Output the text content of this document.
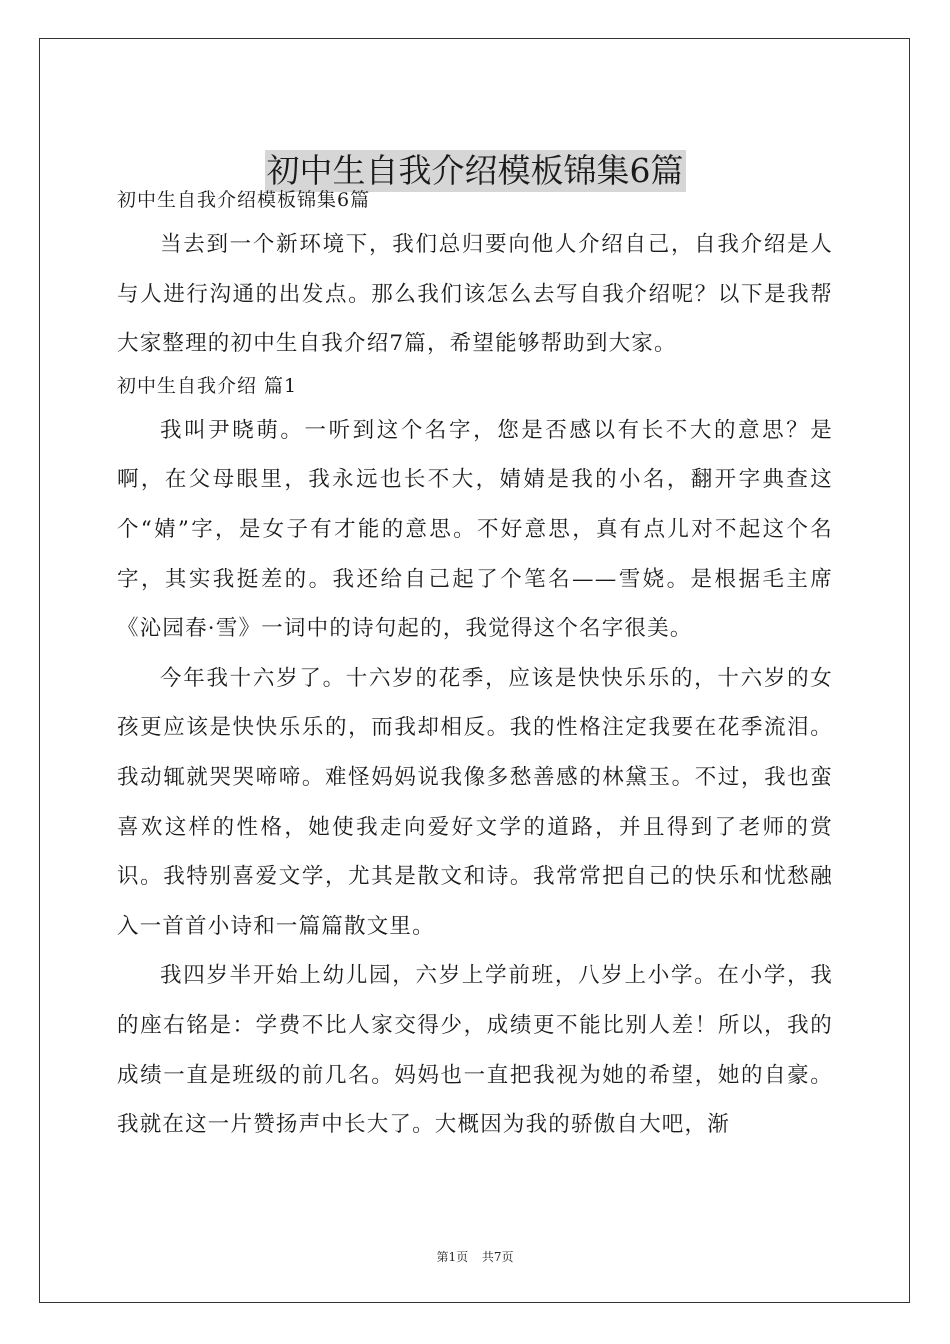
初中生自我介绍模板锦集6篇

初中生自我介绍模板锦集6篇

当去到一个新环境下，我们总归要向他人介绍自己，自我介绍是人与人进行沟通的出发点。那么我们该怎么去写自我介绍呢？以下是我帮大家整理的初中生自我介绍7篇，希望能够帮助到大家。

初中生自我介绍 篇1

我叫尹晓萌。一听到这个名字，您是否感以有长不大的意思？是啊，在父母眼里，我永远也长不大，婧婧是我的小名，翻开字典查这个“婧”字，是女子有才能的意思。不好意思，真有点儿对不起这个名字，其实我挺差的。我还给自己起了个笔名——雪娆。是根据毛主席《沁园春·雪》一词中的诗句起的，我觉得这个名字很美。

今年我十六岁了。十六岁的花季，应该是快快乐乐的，十六岁的女孩更应该是快快乐乐的，而我却相反。我的性格注定我要在花季流泪。我动辄就哭哭啼啼。难怪妈妈说我像多愁善感的林黛玉。不过，我也蛮喜欢这样的性格，她使我走向爱好文学的道路，并且得到了老师的赏识。我特别喜爱文学，尤其是散文和诗。我常常把自己的快乐和忧愁融入一首首小诗和一篇篇散文里。

我四岁半开始上幼儿园，六岁上学前班，八岁上小学。在小学，我的座右铭是：学费不比人家交得少，成绩更不能比别人差！所以，我的成绩一直是班级的前几名。妈妈也一直把我视为她的希望，她的自豪。我就在这一片赞扬声中长大了。大概因为我的骄傲自大吧，渐

第1页 共7页
